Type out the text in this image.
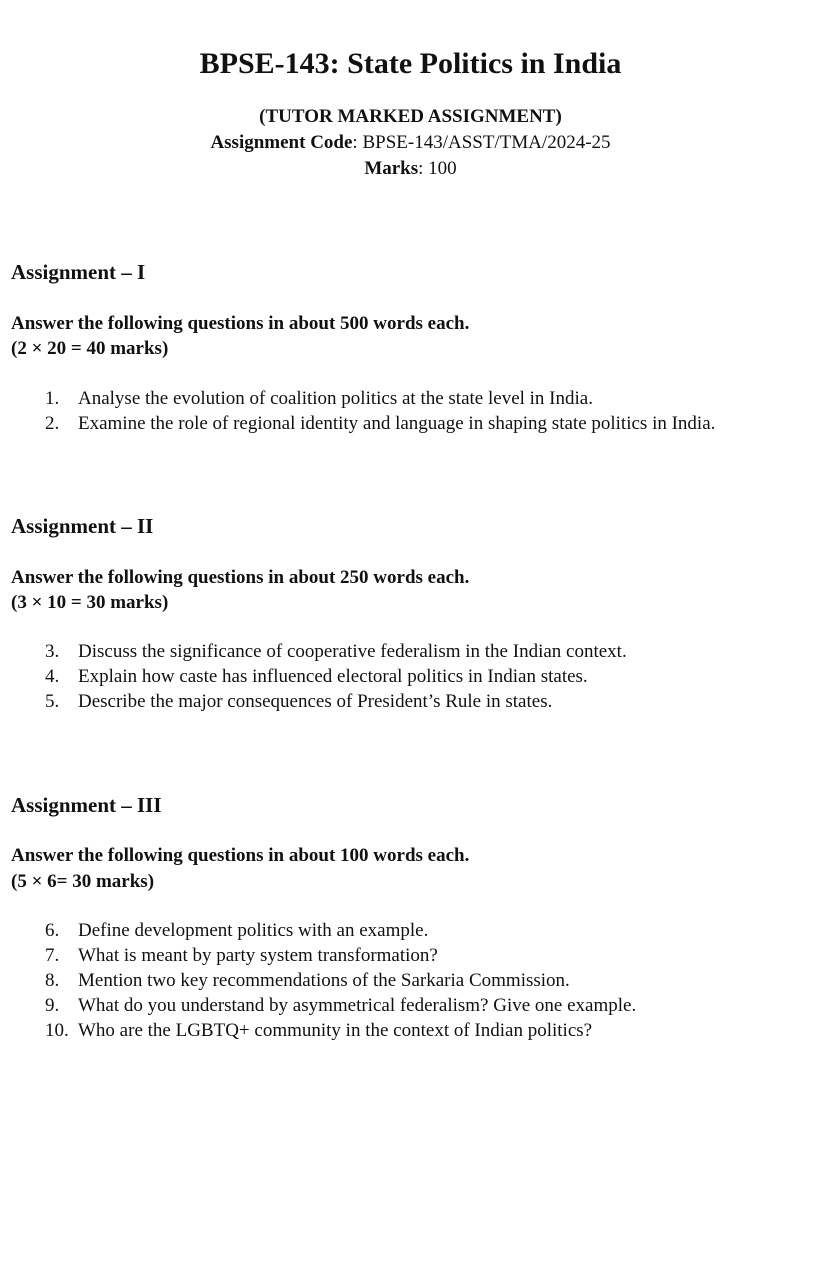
BPSE-143: State Politics in India
(TUTOR MARKED ASSIGNMENT)
Assignment Code: BPSE-143/ASST/TMA/2024-25
Marks: 100
Assignment – I
Answer the following questions in about 500 words each.
(2 × 20 = 40 marks)
1. Analyse the evolution of coalition politics at the state level in India.
2. Examine the role of regional identity and language in shaping state politics in India.
Assignment – II
Answer the following questions in about 250 words each.
(3 × 10 = 30 marks)
3. Discuss the significance of cooperative federalism in the Indian context.
4. Explain how caste has influenced electoral politics in Indian states.
5. Describe the major consequences of President’s Rule in states.
Assignment – III
Answer the following questions in about 100 words each.
(5 × 6= 30 marks)
6. Define development politics with an example.
7. What is meant by party system transformation?
8. Mention two key recommendations of the Sarkaria Commission.
9. What do you understand by asymmetrical federalism? Give one example.
10. Who are the LGBTQ+ community in the context of Indian politics?
